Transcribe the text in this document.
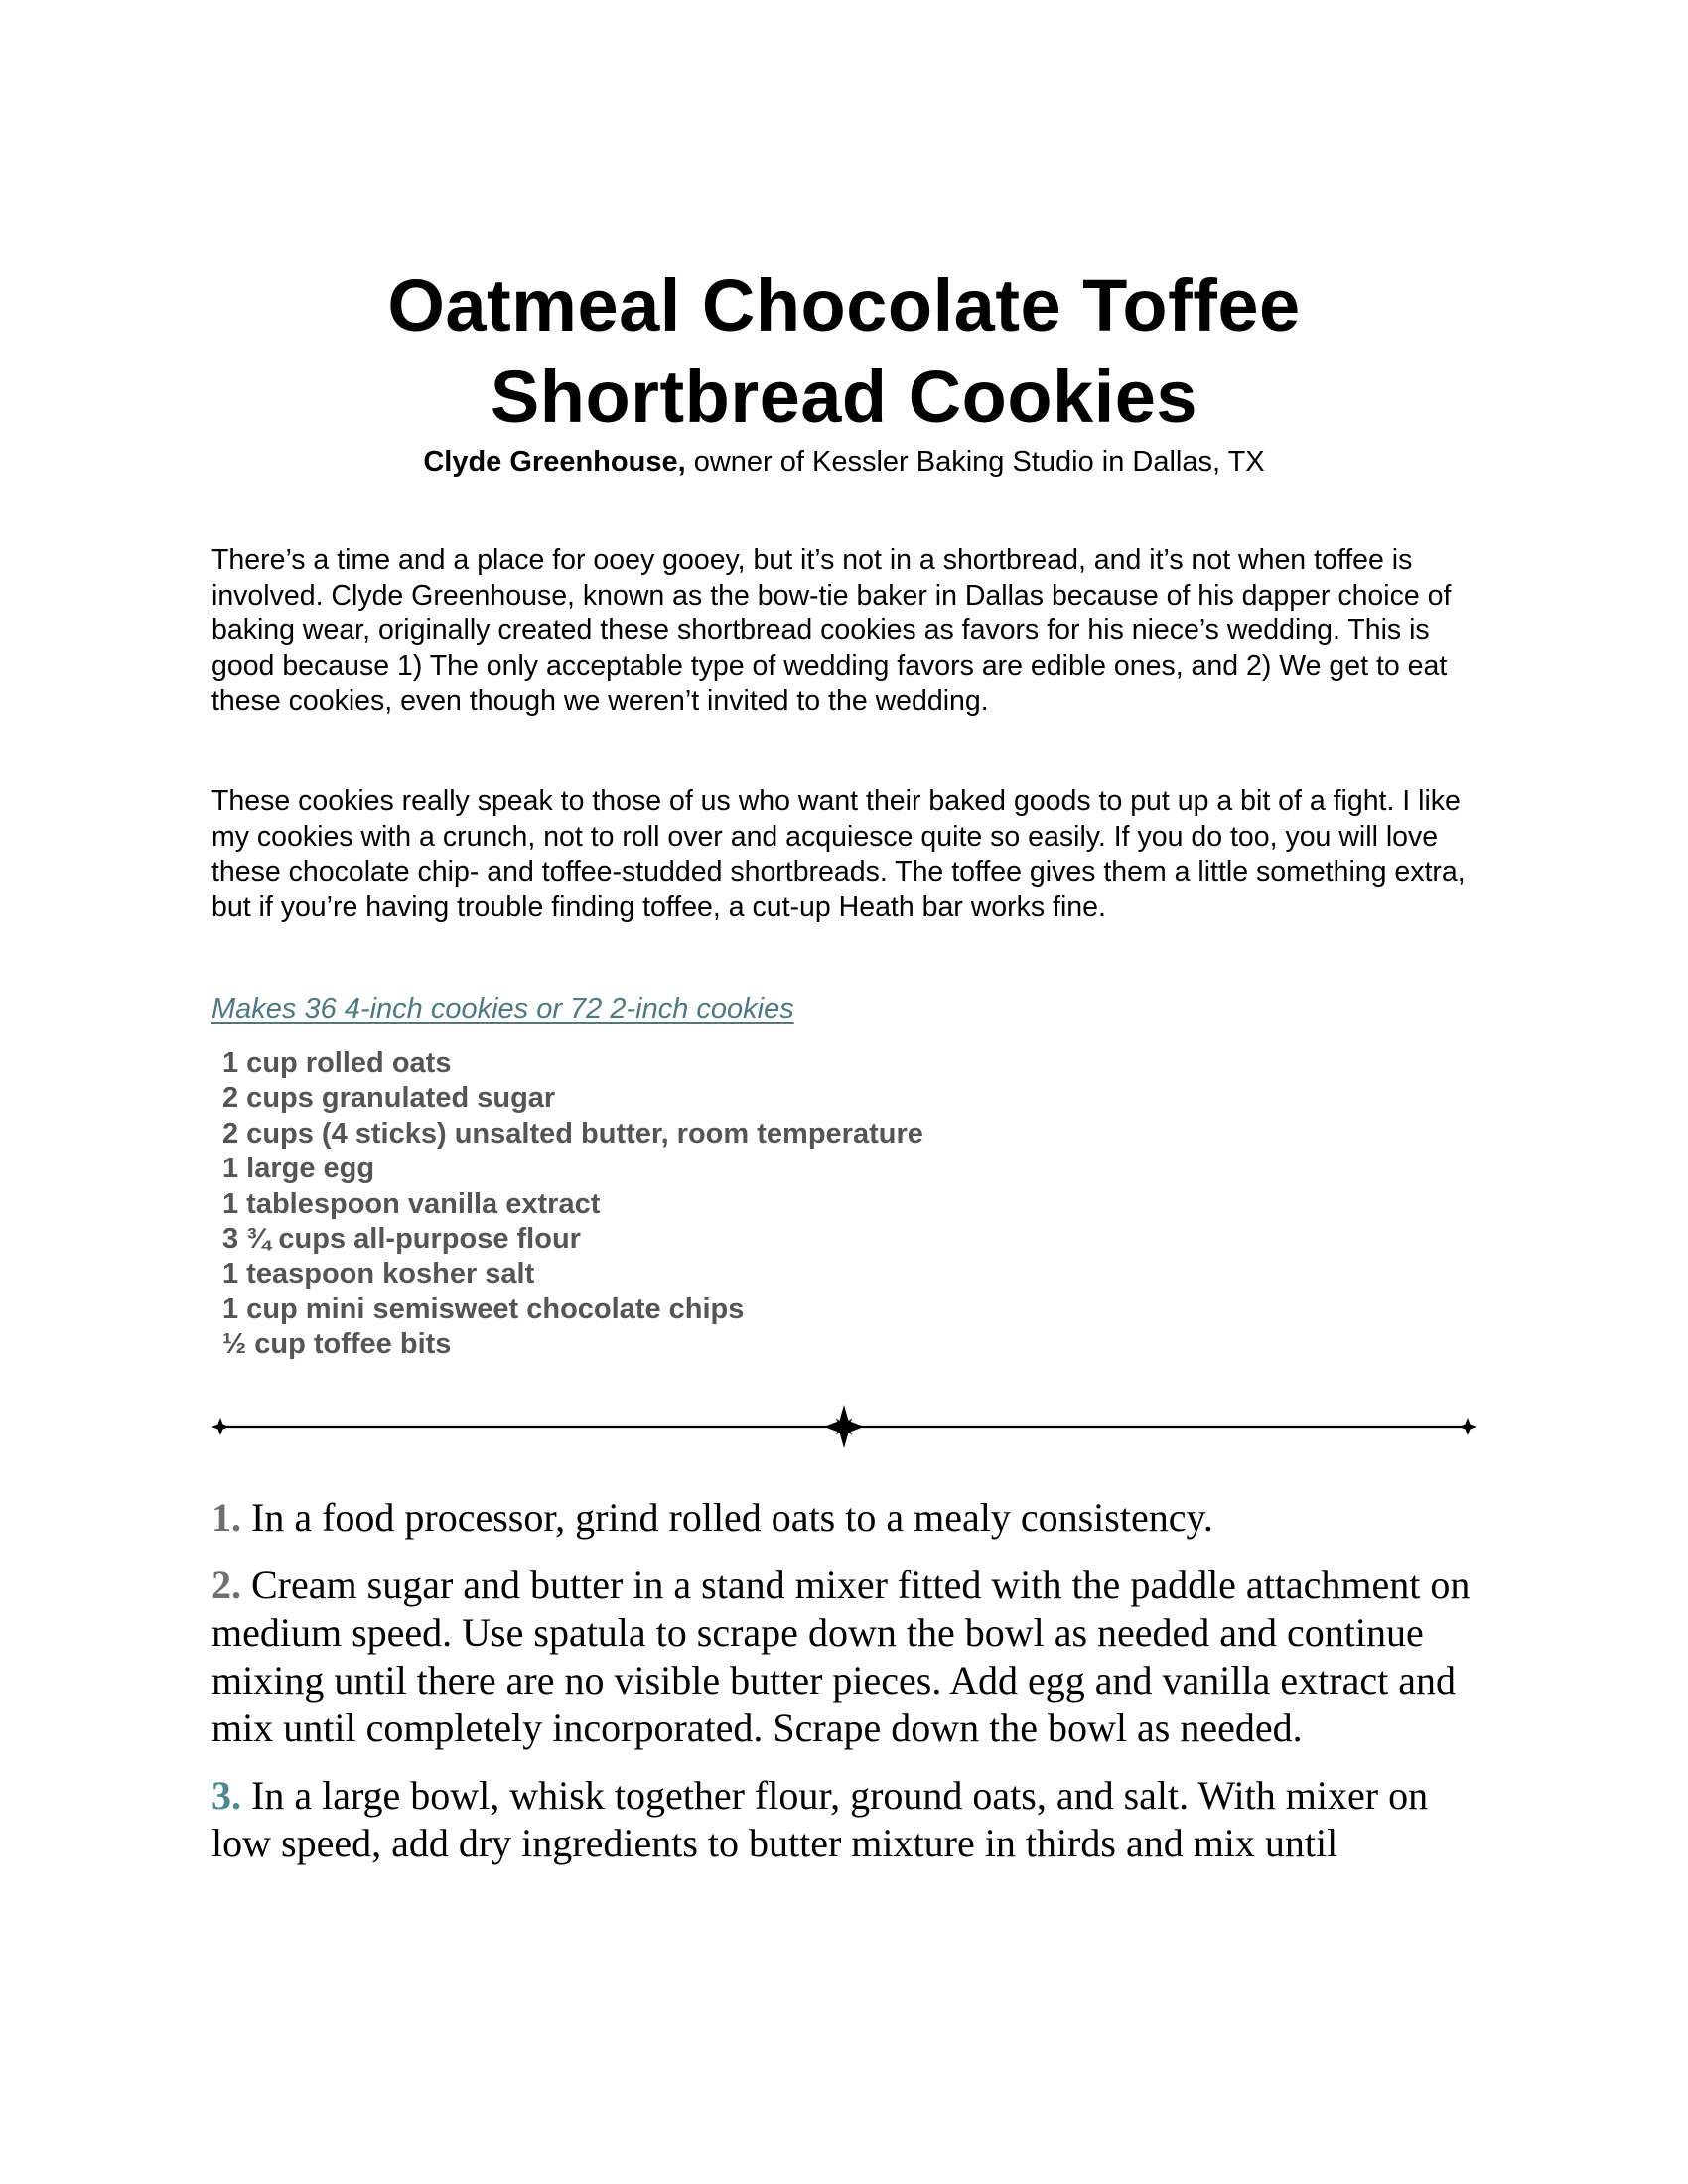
Oatmeal Chocolate Toffee Shortbread Cookies
Clyde Greenhouse, owner of Kessler Baking Studio in Dallas, TX

There’s a time and a place for ooey gooey, but it’s not in a shortbread, and it’s not when toffee is involved. Clyde Greenhouse, known as the bow-tie baker in Dallas because of his dapper choice of baking wear, originally created these shortbread cookies as favors for his niece’s wedding. This is good because 1) The only acceptable type of wedding favors are edible ones, and 2) We get to eat these cookies, even though we weren’t invited to the wedding.

These cookies really speak to those of us who want their baked goods to put up a bit of a fight. I like my cookies with a crunch, not to roll over and acquiesce quite so easily. If you do too, you will love these chocolate chip- and toffee-studded shortbreads. The toffee gives them a little something extra, but if you’re having trouble finding toffee, a cut-up Heath bar works fine.

Makes 36 4-inch cookies or 72 2-inch cookies
1 cup rolled oats
2 cups granulated sugar
2 cups (4 sticks) unsalted butter, room temperature
1 large egg
1 tablespoon vanilla extract
3 ¾ cups all-purpose flour
1 teaspoon kosher salt
1 cup mini semisweet chocolate chips
½ cup toffee bits

1. In a food processor, grind rolled oats to a mealy consistency.

2. Cream sugar and butter in a stand mixer fitted with the paddle attachment on medium speed. Use spatula to scrape down the bowl as needed and continue mixing until there are no visible butter pieces. Add egg and vanilla extract and mix until completely incorporated. Scrape down the bowl as needed.

3. In a large bowl, whisk together flour, ground oats, and salt. With mixer on low speed, add dry ingredients to butter mixture in thirds and mix until
